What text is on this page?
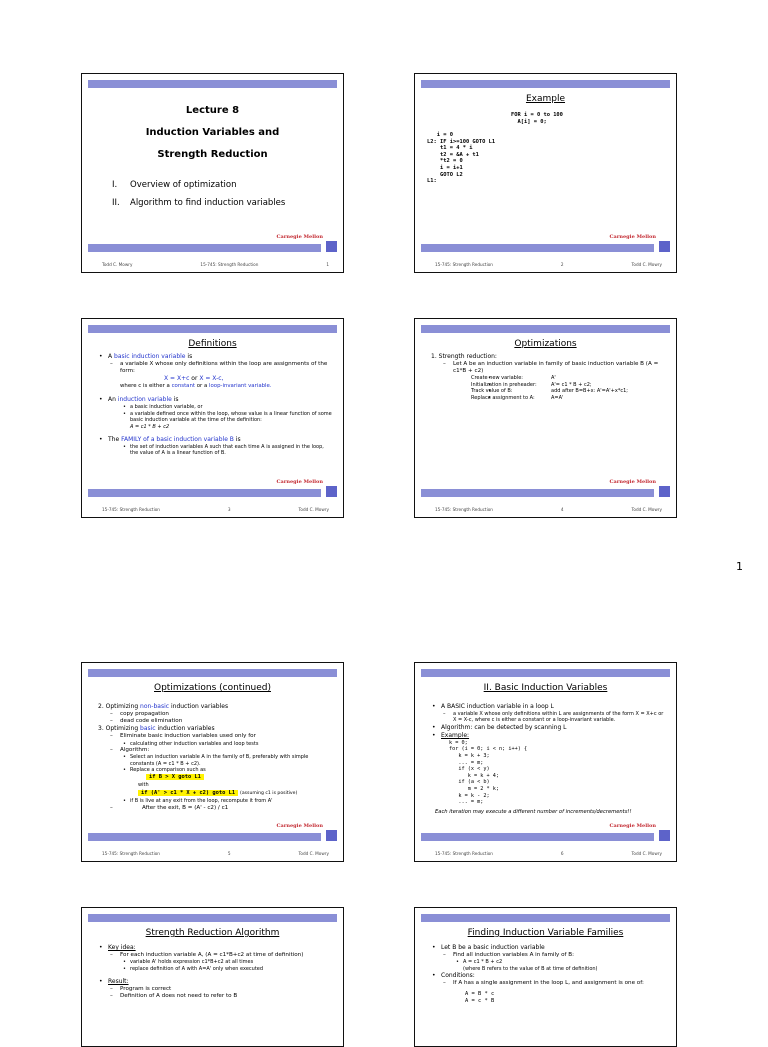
Lecture 8
Induction Variables and
Strength Reduction
I. Overview of optimization
II. Algorithm to find induction variables
Carnegie Mellon
Todd C. Mowry	15-745: Strength Reduction	1
Example
FOR i = 0 to 100
A[i] = 0;
i = 0
L2: IF i>=100 GOTO L1
t1 = 4 * i
t2 = &A + t1
*t2 = 0
i = i+1
GOTO L2
L1:
Carnegie Mellon
15-745: Strength Reduction	2	Todd C. Mowry
Definitions
• A basic induction variable is
– a variable X whose only definitions within the loop are assignments of the form:
X = X+c or X = X-c,
where c is either a constant or a loop-invariant variable.
• An induction variable is
• a basic induction variable, or
• a variable defined once within the loop, whose value is a linear function of some basic induction variable at the time of the definition:
A = c1 * B + c2
• The FAMILY of a basic induction variable B is
• the set of induction variables A such that each time A is assigned in the loop, the value of A is a linear function of B.
Carnegie Mellon
15-745: Strength Reduction	3	Todd C. Mowry
Optimizations
1. Strength reduction:
– Let A be an induction variable in family of basic induction variable B (A = c1*B + c2)
• Create new variable:	A'
• Initialization in preheader:	A'= c1 * B + c2;
• Track value of B:	add after B=B+x: A'=A'+x*c1;
• Replace assignment to A:	A=A'
Carnegie Mellon
15-745: Strength Reduction	4	Todd C. Mowry
1
Optimizations (continued)
2. Optimizing non-basic induction variables
– copy propagation
– dead code elimination
3. Optimizing basic induction variables
– Eliminate basic induction variables used only for
• calculating other induction variables and loop tests
– Algorithm:
• Select an induction variable A in the family of B, preferably with simple constants (A = c1 * B + c2).
• Replace a comparison such as
if B > X goto L1
with
if (A' > c1 * X + c2) goto L1 (assuming c1 is positive)
• if B is live at any exit from the loop, recompute it from A'
– After the exit, B = (A' - c2) / c1
Carnegie Mellon
15-745: Strength Reduction	5	Todd C. Mowry
II. Basic Induction Variables
• A BASIC induction variable in a loop L
– a variable X whose only definitions within L are assignments of the form X = X+c or X = X-c, where c is either a constant or a loop-invariant variable.
• Algorithm: can be detected by scanning L
• Example:
k = 0;
for (i = 0; i < n; i++) {
k = k + 3;
... = m;
if (x < y)
k = k + 4;
if (a < b)
m = 2 * k;
k = k - 2;
... = m;
Each iteration may execute a different number of increments/decrements!!
Carnegie Mellon
15-745: Strength Reduction	6	Todd C. Mowry
Strength Reduction Algorithm
• Key idea:
– For each induction variable A, (A = c1*B+c2 at time of definition)
• variable A' holds expression c1*B+c2 at all times
• replace definition of A with A=A' only when executed
• Result:
– Program is correct
– Definition of A does not need to refer to B
Finding Induction Variable Families
• Let B be a basic induction variable
– Find all induction variables A in family of B:
• A = c1 * B + c2
(where B refers to the value of B at time of definition)
• Conditions:
– If A has a single assignment in the loop L, and assignment is one of:
A = B * c
A = c * B
